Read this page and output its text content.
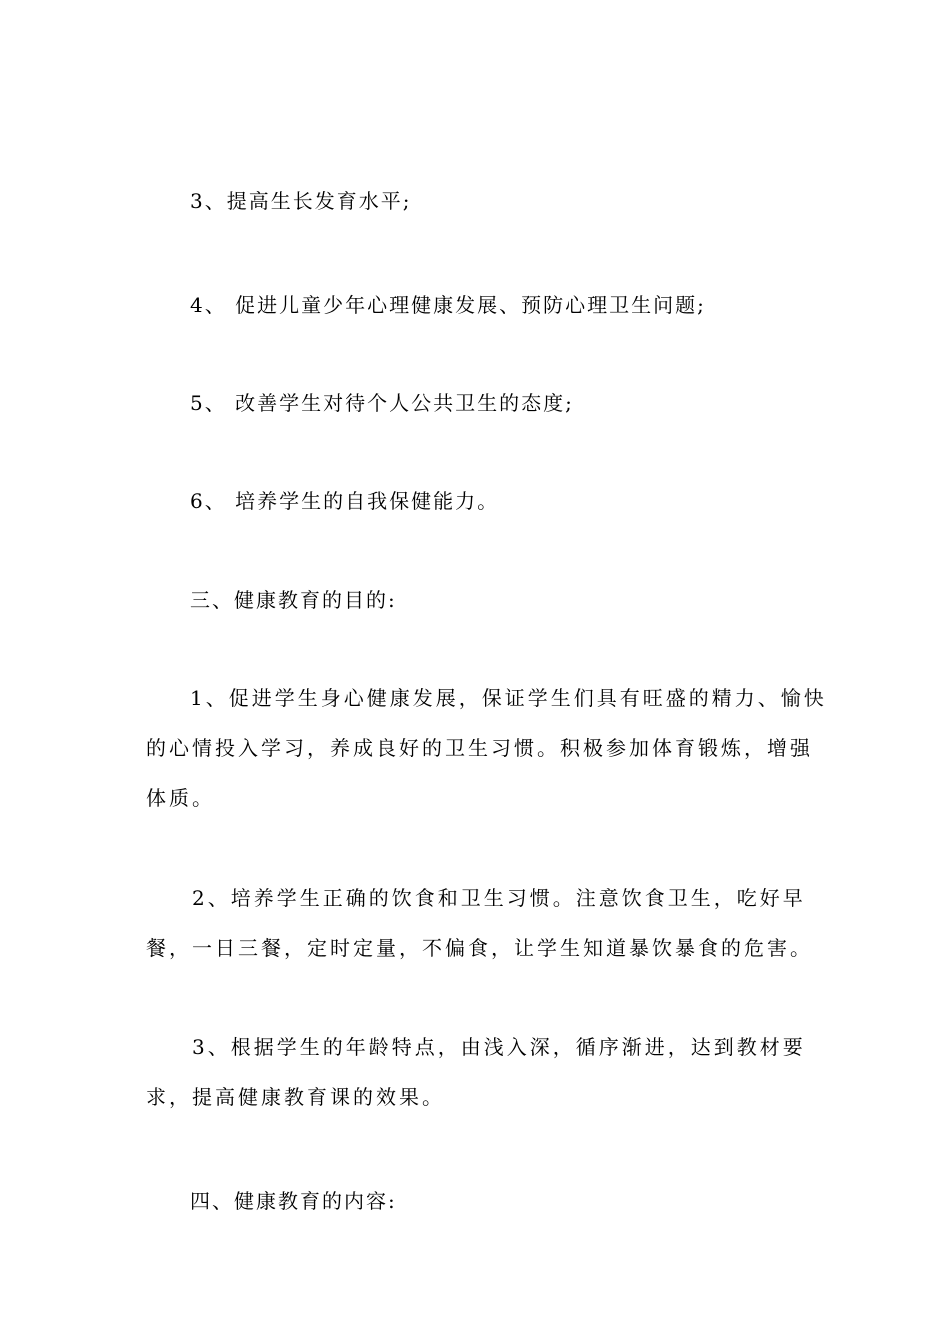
3、提高生长发育水平;

4、 促进儿童少年心理健康发展、预防心理卫生问题;

5、 改善学生对待个人公共卫生的态度;

6、 培养学生的自我保健能力。

三、健康教育的目的:

1、促进学生身心健康发展，保证学生们具有旺盛的精力、愉快
的心情投入学习，养成良好的卫生习惯。积极参加体育锻炼，增强
体质。
2、培养学生正确的饮食和卫生习惯。注意饮食卫生，吃好早
餐，一日三餐，定时定量，不偏食，让学生知道暴饮暴食的危害。
3、根据学生的年龄特点，由浅入深，循序渐进，达到教材要
求，提高健康教育课的效果。

四、健康教育的内容:
